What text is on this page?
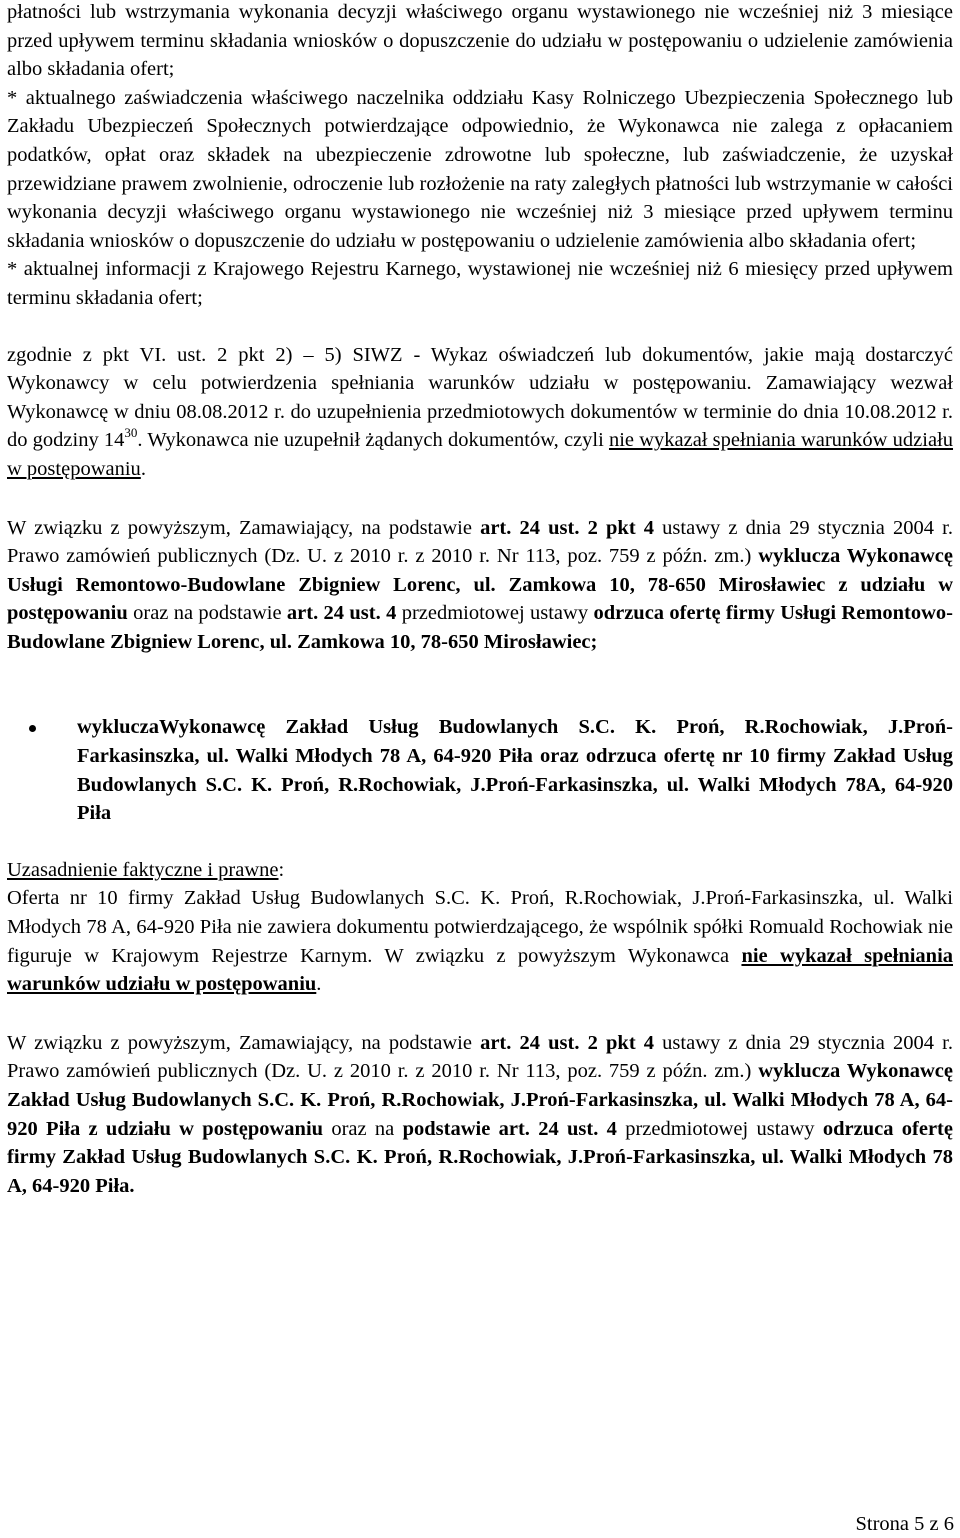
płatności lub wstrzymania wykonania decyzji właściwego organu wystawionego nie wcześniej niż 3 miesiące przed upływem terminu składania wniosków o dopuszczenie do udziału w postępowaniu o udzielenie zamówienia albo składania ofert;

* aktualnego zaświadczenia właściwego naczelnika oddziału Kasy Rolniczego Ubezpieczenia Społecznego lub Zakładu Ubezpieczeń Społecznych potwierdzające odpowiednio, że Wykonawca nie zalega z opłacaniem podatków, opłat oraz składek na ubezpieczenie zdrowotne lub społeczne, lub zaświadczenie, że uzyskał przewidziane prawem zwolnienie, odroczenie lub rozłożenie na raty zaległych płatności lub wstrzymanie w całości wykonania decyzji właściwego organu wystawionego nie wcześniej niż 3 miesiące przed upływem terminu składania wniosków o dopuszczenie do udziału w postępowaniu o udzielenie zamówienia albo składania ofert;

* aktualnej informacji z Krajowego Rejestru Karnego, wystawionej nie wcześniej niż 6 miesięcy przed upływem terminu składania ofert;

zgodnie z pkt VI. ust. 2 pkt 2) – 5) SIWZ - Wykaz oświadczeń lub dokumentów, jakie mają dostarczyć Wykonawcy w celu potwierdzenia spełniania warunków udziału w postępowaniu. Zamawiający wezwał Wykonawcę w dniu 08.08.2012 r. do uzupełnienia przedmiotowych dokumentów w terminie do dnia 10.08.2012 r. do godziny $14^{30}$. Wykonawca nie uzupełnił żądanych dokumentów, czyli nie wykazał spełniania warunków udziału w postępowaniu.

W związku z powyższym, Zamawiający, na podstawie art. 24 ust. 2 pkt 4 ustawy z dnia 29 stycznia 2004 r. Prawo zamówień publicznych (Dz. U. z 2010 r. z 2010 r. Nr 113, poz. 759 z późn. zm.) wyklucza Wykonawcę Usługi Remontowo-Budowlane Zbigniew Lorenc, ul. Zamkowa 10, 78-650 Mirosławiec z udziału w postępowaniu oraz na podstawie art. 24 ust. 4 przedmiotowej ustawy odrzuca ofertę firmy Usługi Remontowo-Budowlane Zbigniew Lorenc, ul. Zamkowa 10, 78-650 Mirosławiec;

wykluczaWykonawcę Zakład Usług Budowlanych S.C. K. Proń, R.Rochowiak, J.Proń-Farkasinszka, ul. Walki Młodych 78 A, 64-920 Piła oraz odrzuca ofertę nr 10 firmy Zakład Usług Budowlanych S.C. K. Proń, R.Rochowiak, J.Proń-Farkasinszka, ul. Walki Młodych 78A, 64-920 Piła

Uzasadnienie faktyczne i prawne:

Oferta nr 10 firmy Zakład Usług Budowlanych S.C. K. Proń, R.Rochowiak, J.Proń-Farkasinszka, ul. Walki Młodych 78 A, 64-920 Piła nie zawiera dokumentu potwierdzającego, że wspólnik spółki Romuald Rochowiak nie figuruje w Krajowym Rejestrze Karnym. W związku z powyższym Wykonawca nie wykazał spełniania warunków udziału w postępowaniu.

W związku z powyższym, Zamawiający, na podstawie art. 24 ust. 2 pkt 4 ustawy z dnia 29 stycznia 2004 r. Prawo zamówień publicznych (Dz. U. z 2010 r. z 2010 r. Nr 113, poz. 759 z późn. zm.) wyklucza Wykonawcę Zakład Usług Budowlanych S.C. K. Proń, R.Rochowiak, J.Proń-Farkasinszka, ul. Walki Młodych 78 A, 64-920 Piła z udziału w postępowaniu oraz na podstawie art. 24 ust. 4 przedmiotowej ustawy odrzuca ofertę firmy Zakład Usług Budowlanych S.C. K. Proń, R.Rochowiak, J.Proń-Farkasinszka, ul. Walki Młodych 78 A, 64-920 Piła.

Strona 5 z 6
